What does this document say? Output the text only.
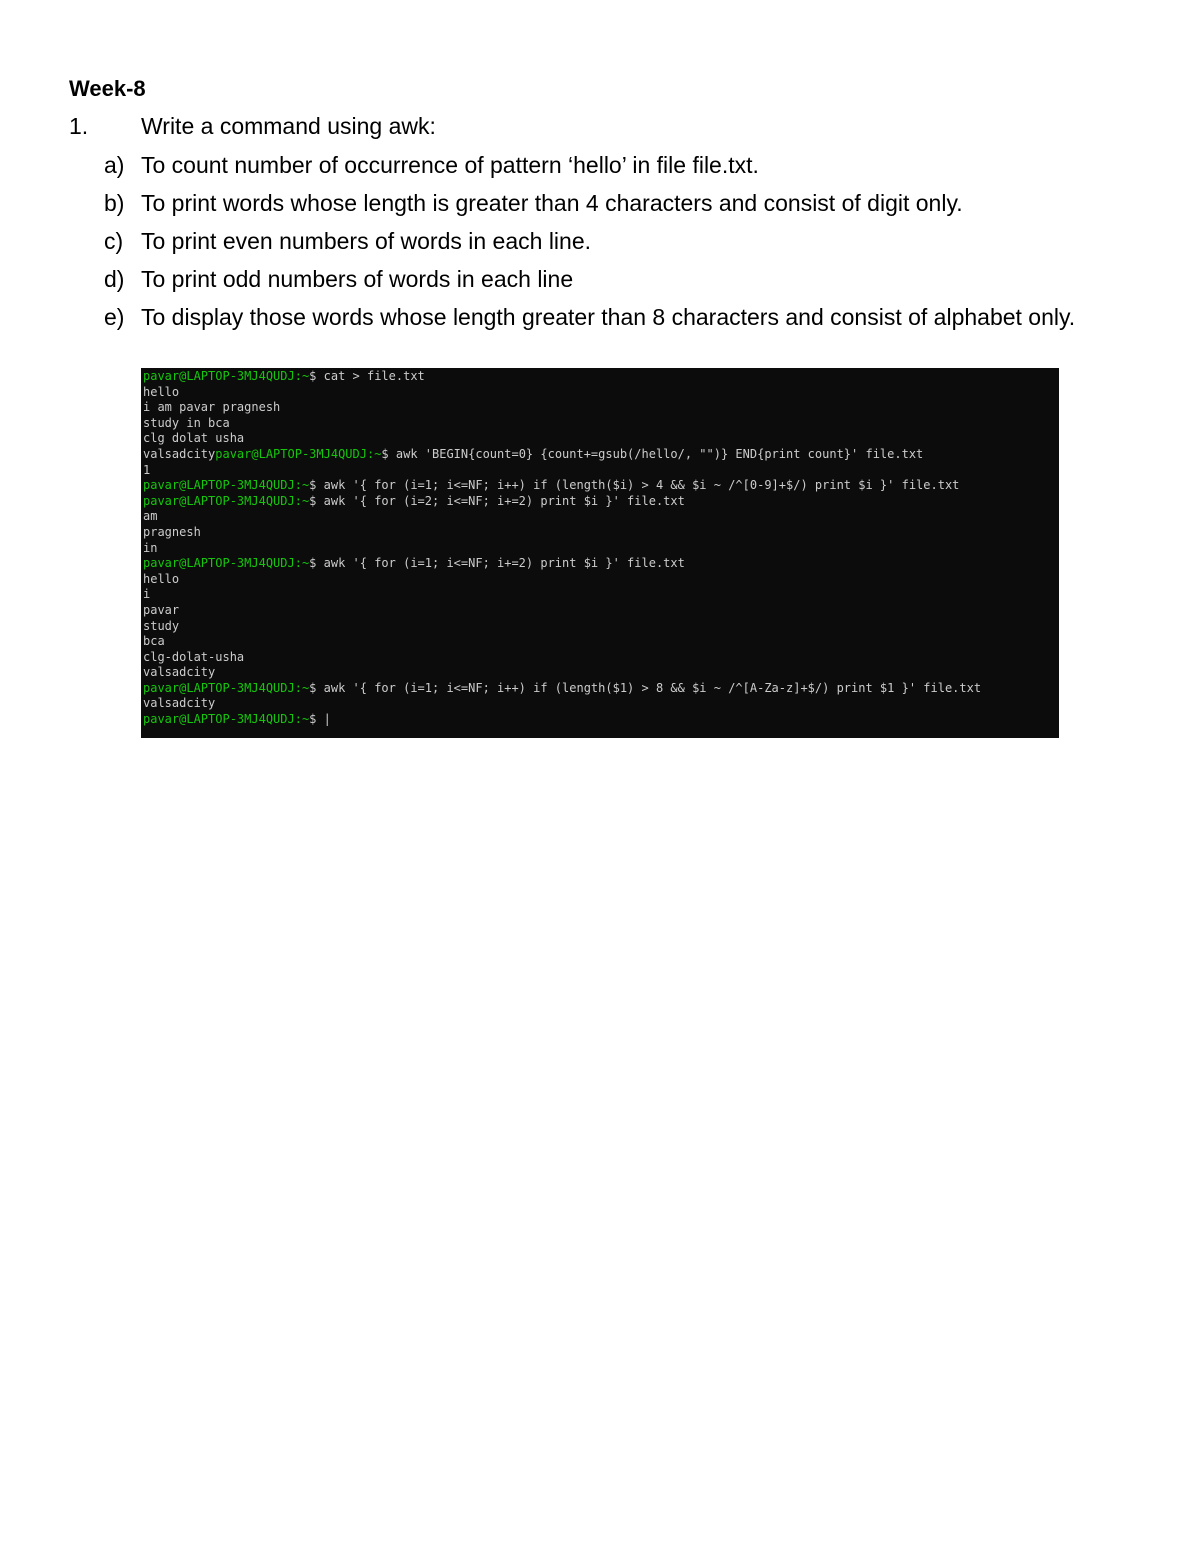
Week-8
1. Write a command using awk:
a) To count number of occurrence of pattern ‘hello’ in file file.txt.
b) To print words whose length is greater than 4 characters and consist of digit only.
c) To print even numbers of words in each line.
d) To print odd numbers of words in each line
e) To display those words whose length greater than 8 characters and consist of alphabet only.
pavar@LAPTOP-3MJ4QUDJ:~$ cat > file.txt
hello
i am pavar pragnesh
study in bca
clg dolat usha
valsadcitypavar@LAPTOP-3MJ4QUDJ:~$ awk 'BEGIN{count=0} {count+=gsub(/hello/, "")} END{print count}' file.txt
1
pavar@LAPTOP-3MJ4QUDJ:~$ awk '{ for (i=1; i<=NF; i++) if (length($i) > 4 && $i ~ /^[0-9]+$/) print $i }' file.txt
pavar@LAPTOP-3MJ4QUDJ:~$ awk '{ for (i=2; i<=NF; i+=2) print $i }' file.txt
am
pragnesh
in
pavar@LAPTOP-3MJ4QUDJ:~$ awk '{ for (i=1; i<=NF; i+=2) print $i }' file.txt
hello
i
pavar
study
bca
clg-dolat-usha
valsadcity
pavar@LAPTOP-3MJ4QUDJ:~$ awk '{ for (i=1; i<=NF; i++) if (length($1) > 8 && $i ~ /^[A-Za-z]+$/) print $1 }' file.txt
valsadcity
pavar@LAPTOP-3MJ4QUDJ:~$ |
